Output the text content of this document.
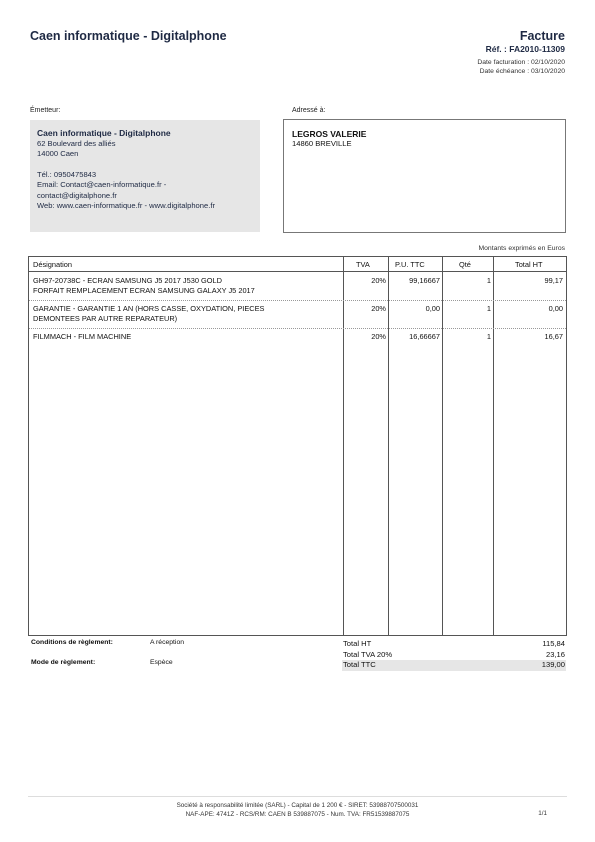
Caen informatique - Digitalphone	Facture
Réf. : FA2010-11309
Date facturation : 02/10/2020
Date échéance : 03/10/2020
Émetteur:	Adressé à:
Caen informatique - Digitalphone
62 Boulevard des alliés
14000 Caen
Tél.: 0950475843
Email: Contact@caen-informatique.fr -
contact@digitalphone.fr
Web: www.caen-informatique.fr - www.digitalphone.fr
LEGROS VALERIE
14860 BREVILLE
Montants exprimés en Euros
Désignation	TVA	P.U. TTC	Qté	Total HT
GH97-20738C - ECRAN SAMSUNG J5 2017 J530 GOLD
FORFAIT REMPLACEMENT ECRAN SAMSUNG GALAXY J5 2017
20%	99,16667	1	99,17
GARANTIE - GARANTIE 1 AN (HORS CASSE, OXYDATION, PIECES
DEMONTEES PAR AUTRE REPARATEUR)
20%	0,00	1	0,00
FILMMACH - FILM MACHINE	20%	16,66667	1	16,67
Conditions de règlement:	A réception
Mode de règlement:	Espèce
Total HT	115,84
Total TVA 20%	23,16
Total TTC	139,00
Société à responsabilité limitée (SARL) - Capital de 1 200 € - SIRET: 53988707500031
NAF-APE: 4741Z - RCS/RM: CAEN B 539887075 - Num. TVA: FR51539887075	1/1
